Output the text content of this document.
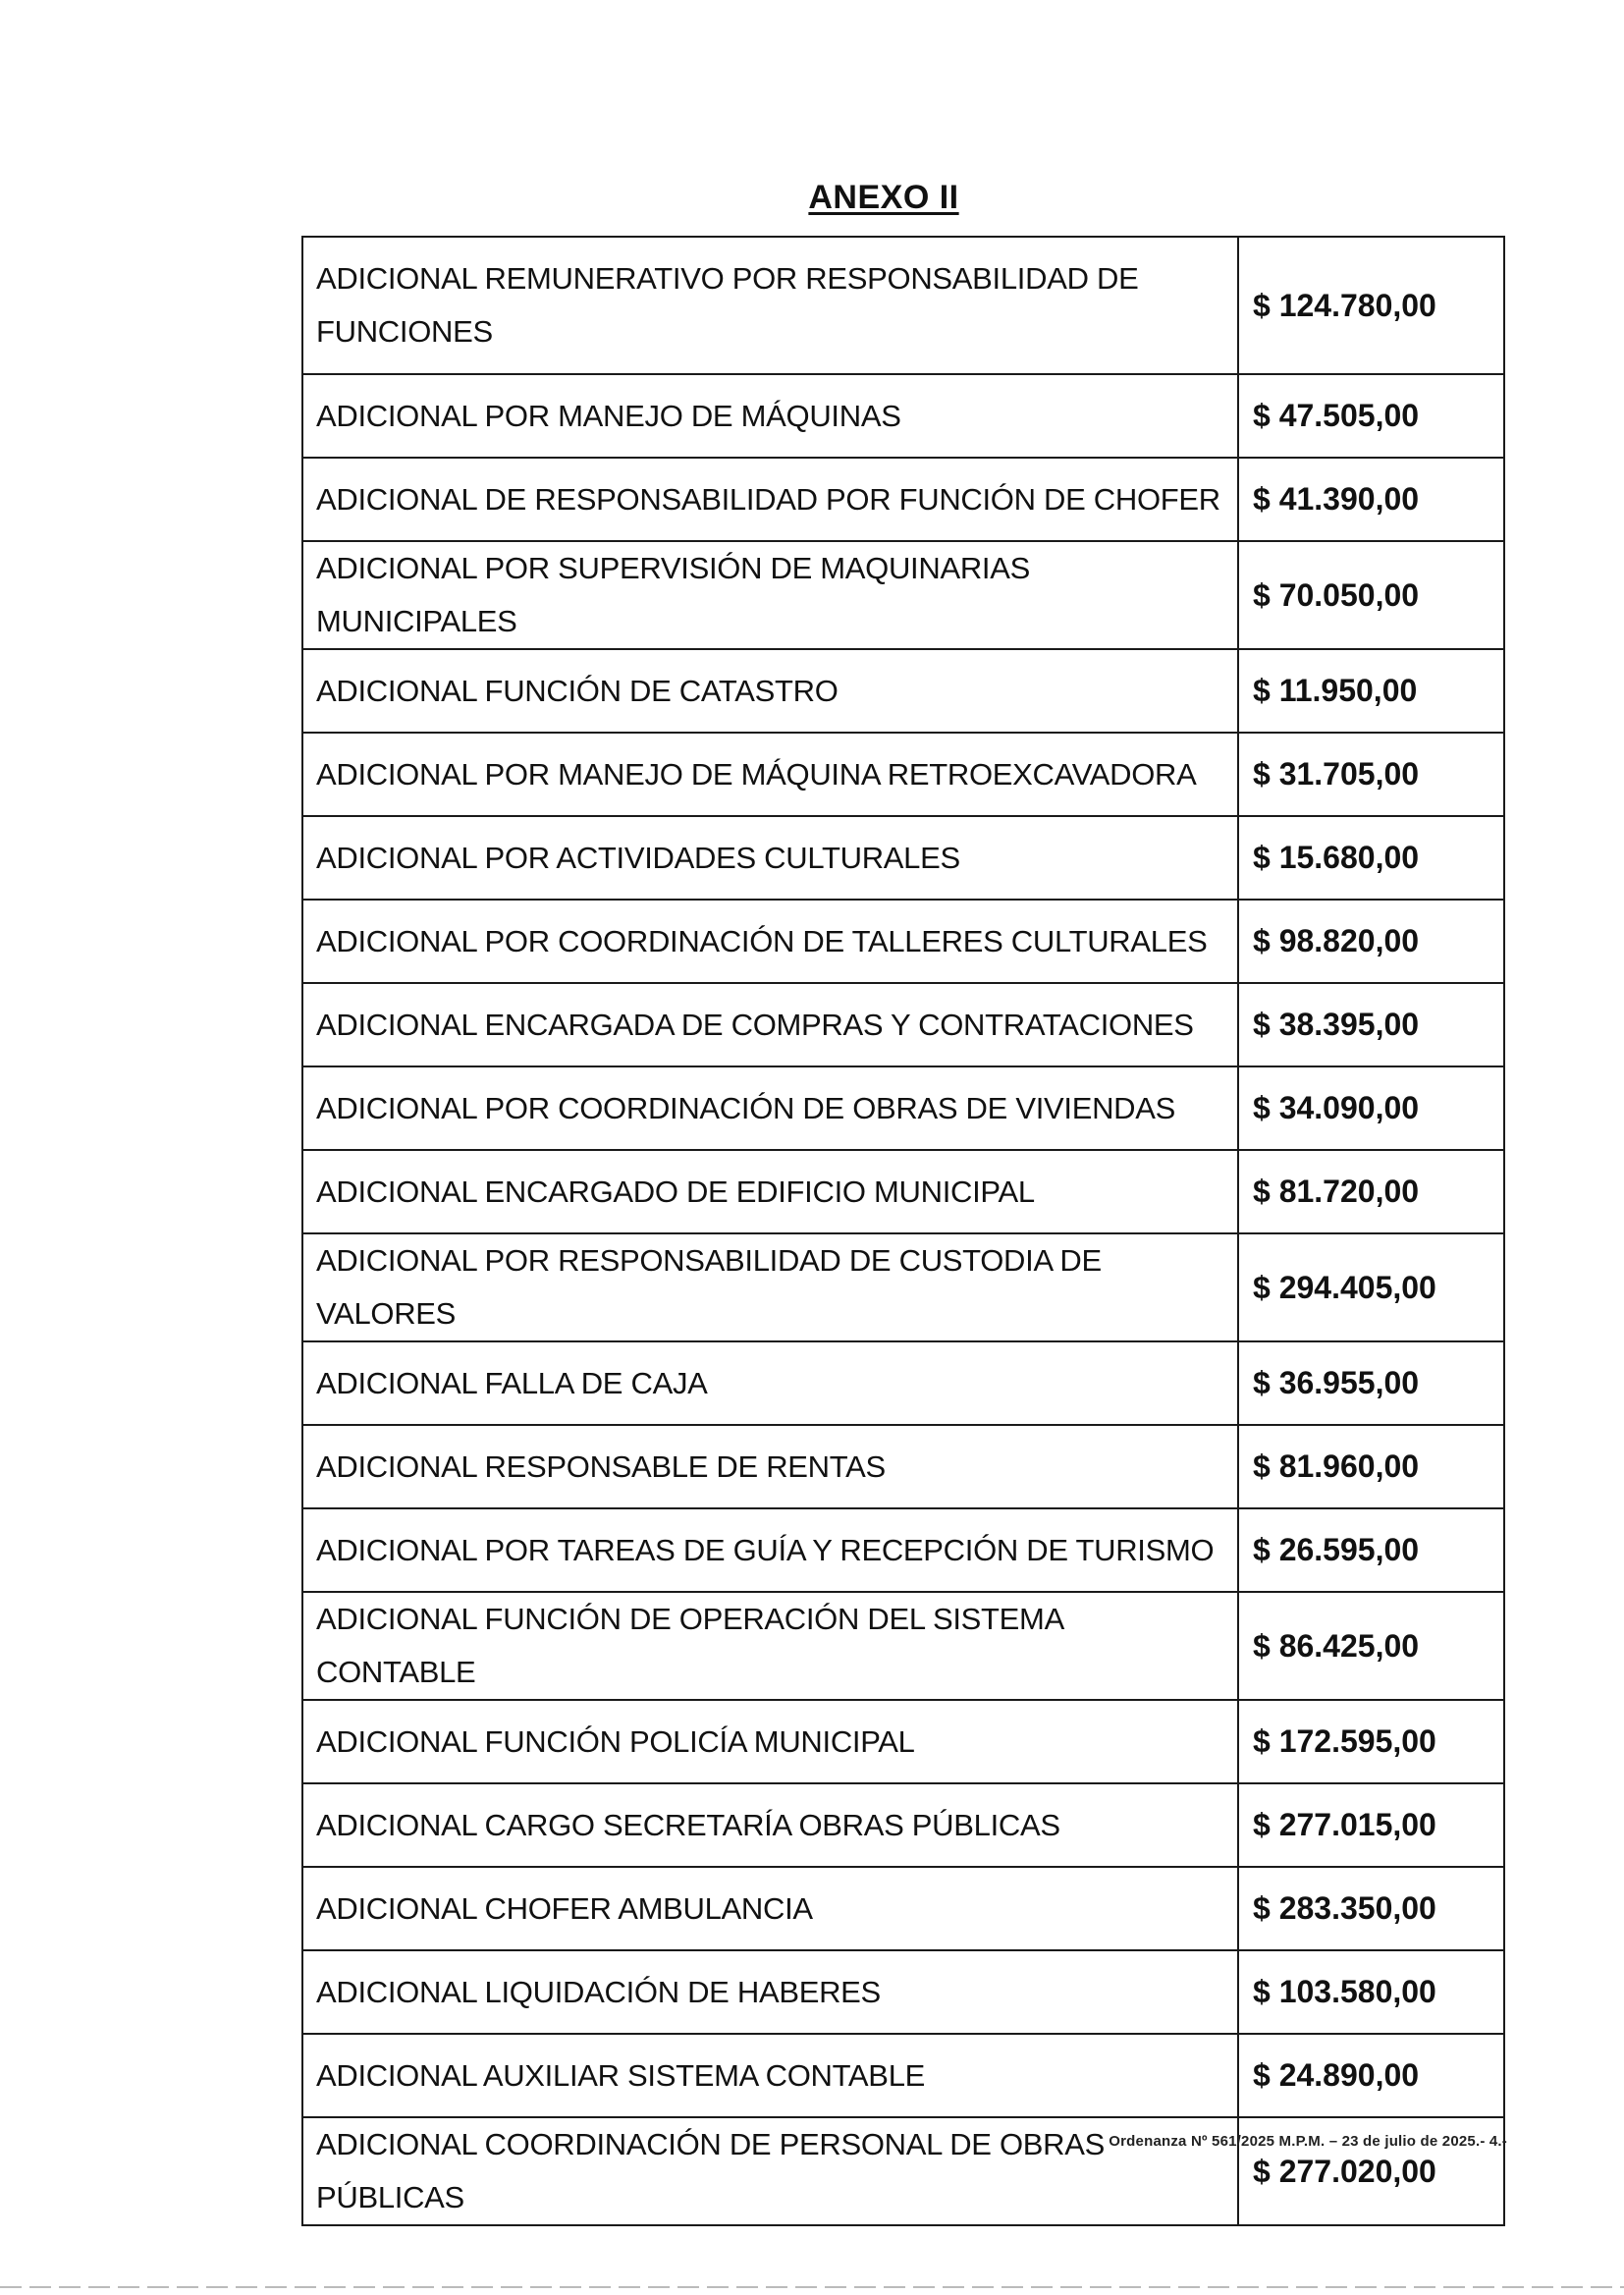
ANEXO II
ADICIONAL REMUNERATIVO POR RESPONSABILIDAD DE FUNCIONES	$ 124.780,00
ADICIONAL POR MANEJO DE MÁQUINAS	$ 47.505,00
ADICIONAL DE RESPONSABILIDAD POR FUNCIÓN DE CHOFER	$ 41.390,00
ADICIONAL POR SUPERVISIÓN DE MAQUINARIAS MUNICIPALES	$ 70.050,00
ADICIONAL FUNCIÓN DE CATASTRO	$ 11.950,00
ADICIONAL POR MANEJO DE MÁQUINA RETROEXCAVADORA	$ 31.705,00
ADICIONAL POR ACTIVIDADES CULTURALES	$ 15.680,00
ADICIONAL POR COORDINACIÓN DE TALLERES CULTURALES	$ 98.820,00
ADICIONAL ENCARGADA DE COMPRAS Y CONTRATACIONES	$ 38.395,00
ADICIONAL POR COORDINACIÓN DE OBRAS DE VIVIENDAS	$ 34.090,00
ADICIONAL ENCARGADO DE EDIFICIO MUNICIPAL	$ 81.720,00
ADICIONAL POR RESPONSABILIDAD DE CUSTODIA DE VALORES	$ 294.405,00
ADICIONAL FALLA DE CAJA	$ 36.955,00
ADICIONAL RESPONSABLE DE RENTAS	$ 81.960,00
ADICIONAL POR TAREAS DE GUÍA Y RECEPCIÓN DE TURISMO	$ 26.595,00
ADICIONAL FUNCIÓN DE OPERACIÓN DEL SISTEMA CONTABLE	$ 86.425,00
ADICIONAL FUNCIÓN POLICÍA MUNICIPAL	$ 172.595,00
ADICIONAL CARGO SECRETARÍA OBRAS PÚBLICAS	$ 277.015,00
ADICIONAL CHOFER AMBULANCIA	$ 283.350,00
ADICIONAL LIQUIDACIÓN DE HABERES	$ 103.580,00
ADICIONAL AUXILIAR SISTEMA CONTABLE	$ 24.890,00
ADICIONAL COORDINACIÓN DE PERSONAL DE OBRAS PÚBLICAS	$ 277.020,00
Ordenanza Nº 561/2025 M.P.M. – 23 de julio de 2025.- 4.-
